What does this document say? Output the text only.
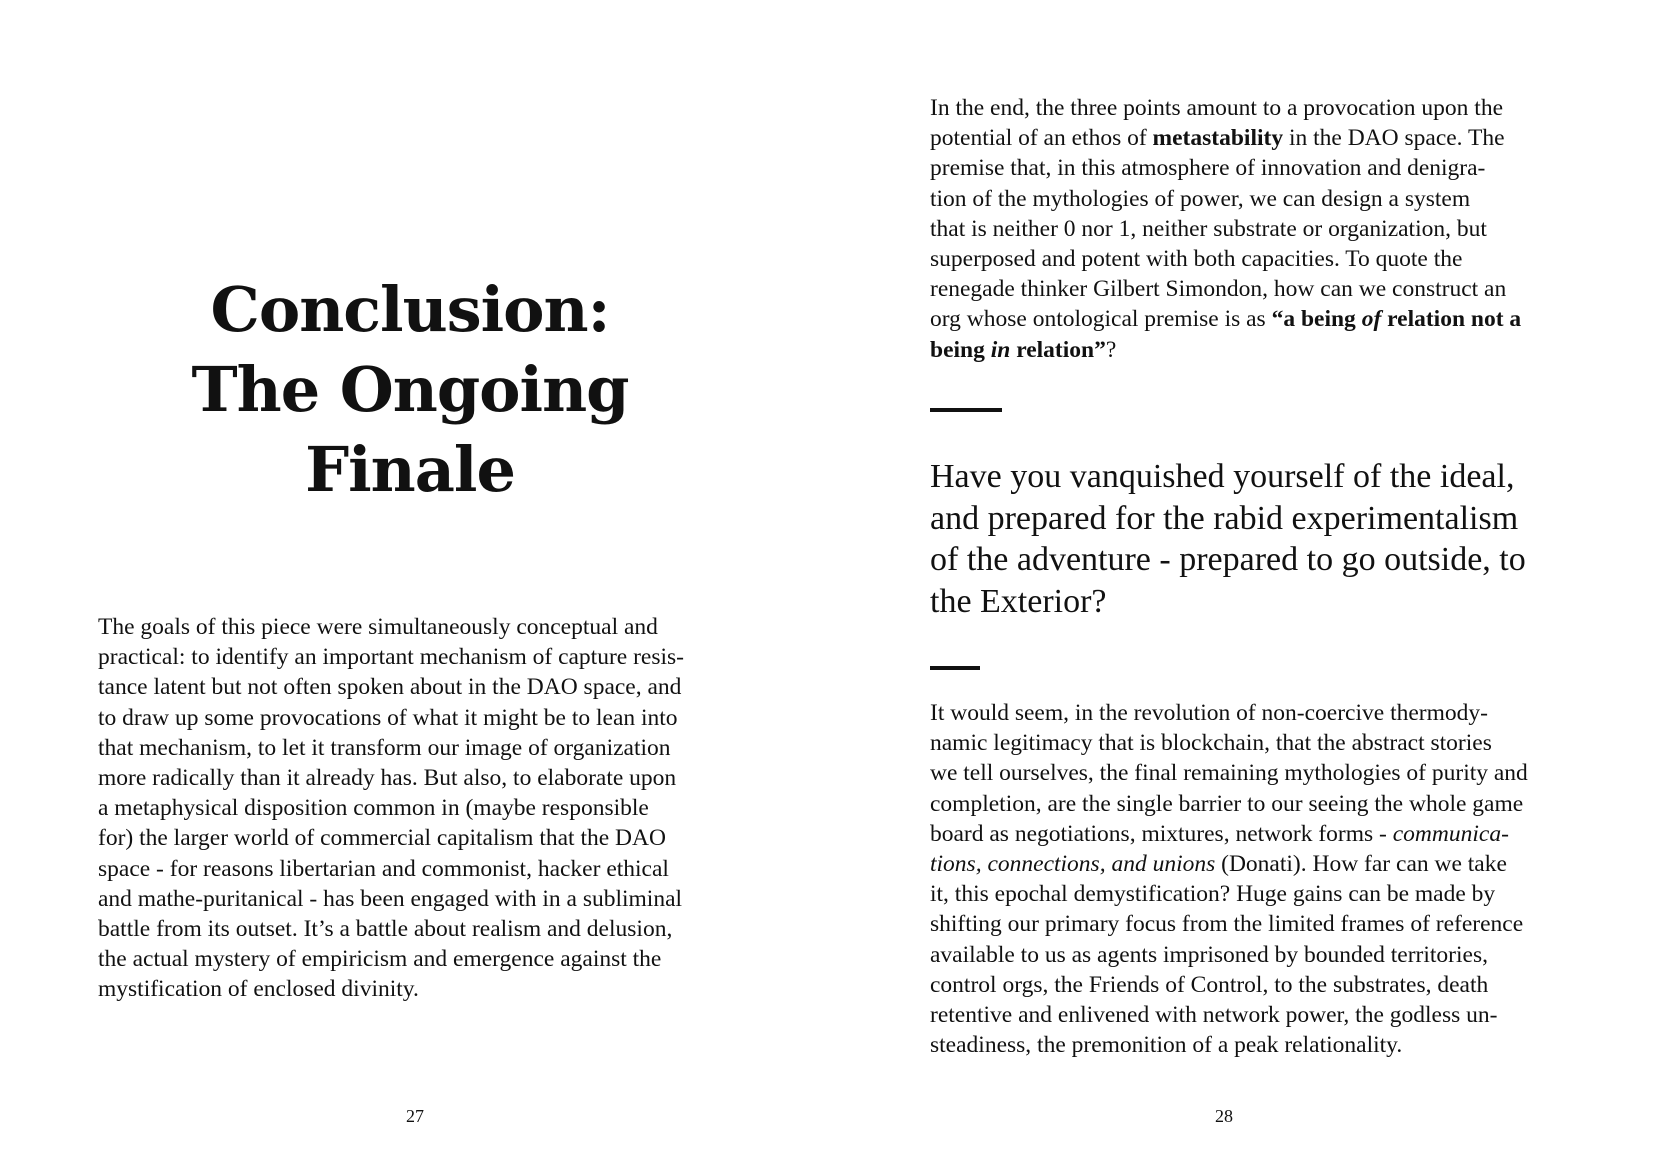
Conclusion:
The Ongoing Finale

The goals of this piece were simultaneously conceptual and
practical: to identify an important mechanism of capture resis-
tance latent but not often spoken about in the DAO space, and
to draw up some provocations of what it might be to lean into
that mechanism, to let it transform our image of organization
more radically than it already has. But also, to elaborate upon
a metaphysical disposition common in (maybe responsible
for) the larger world of commercial capitalism that the DAO
space - for reasons libertarian and commonist, hacker ethical
and mathe-puritanical - has been engaged with in a subliminal
battle from its outset. It’s a battle about realism and delusion,
the actual mystery of empiricism and emergence against the
mystification of enclosed divinity.

27

In the end, the three points amount to a provocation upon the
potential of an ethos of metastability in the DAO space. The
premise that, in this atmosphere of innovation and denigra-
tion of the mythologies of power, we can design a system
that is neither 0 nor 1, neither substrate or organization, but
superposed and potent with both capacities. To quote the
renegade thinker Gilbert Simondon, how can we construct an
org whose ontological premise is as “a being of relation not a
being in relation”?

Have you vanquished yourself of the ideal,
and prepared for the rabid experimentalism
of the adventure - prepared to go outside, to
the Exterior?

It would seem, in the revolution of non-coercive thermody-
namic legitimacy that is blockchain, that the abstract stories
we tell ourselves, the final remaining mythologies of purity and
completion, are the single barrier to our seeing the whole game
board as negotiations, mixtures, network forms - communica-
tions, connections, and unions (Donati). How far can we take
it, this epochal demystification? Huge gains can be made by
shifting our primary focus from the limited frames of reference
available to us as agents imprisoned by bounded territories,
control orgs, the Friends of Control, to the substrates, death
retentive and enlivened with network power, the godless un-
steadiness, the premonition of a peak relationality.

28
